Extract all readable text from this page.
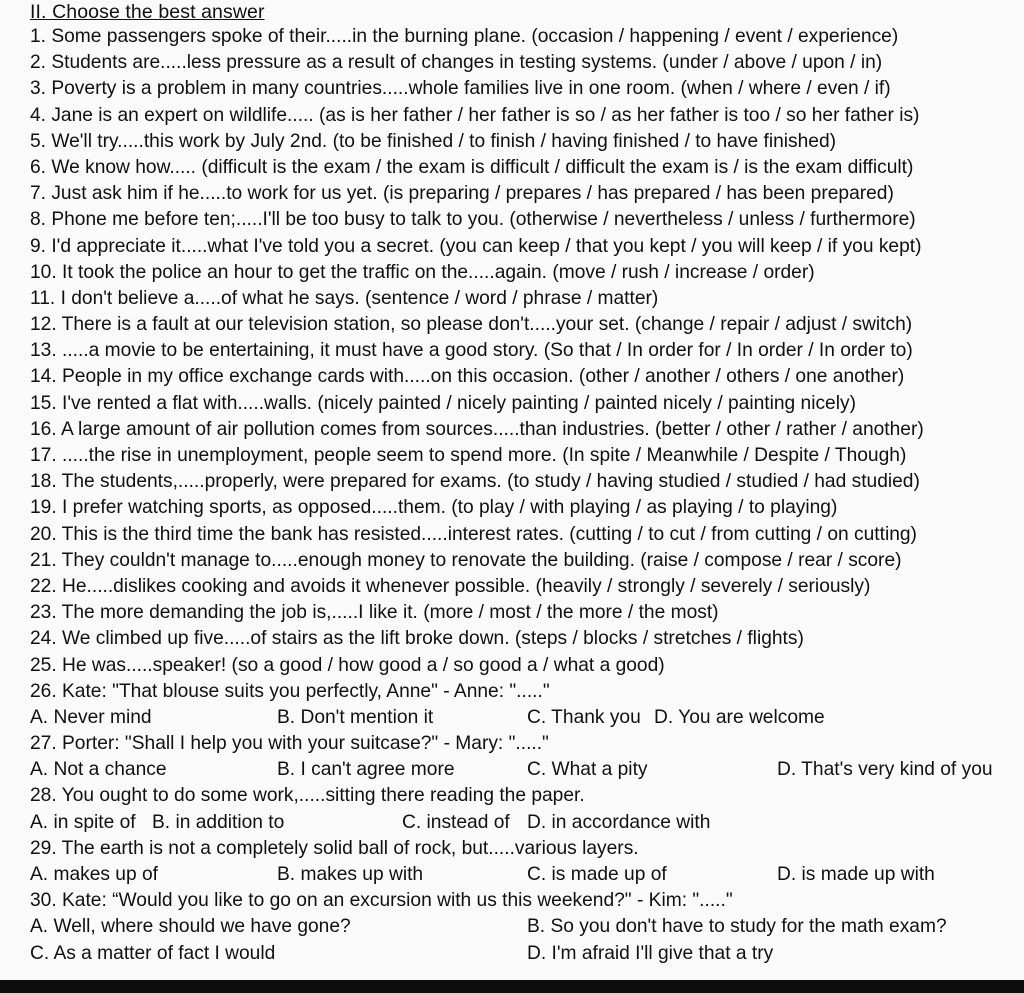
II. Choose the best answer
1. Some passengers spoke of their.....in the burning plane. (occasion / happening / event / experience)
2. Students are.....less pressure as a result of changes in testing systems. (under / above / upon / in)
3. Poverty is a problem in many countries.....whole families live in one room. (when / where / even / if)
4. Jane is an expert on wildlife..... (as is her father / her father is so / as her father is too / so her father is)
5. We'll try.....this work by July 2nd. (to be finished / to finish / having finished / to have finished)
6. We know how..... (difficult is the exam / the exam is difficult / difficult the exam is / is the exam difficult)
7. Just ask him if he.....to work for us yet. (is preparing / prepares / has prepared / has been prepared)
8. Phone me before ten;.....I'll be too busy to talk to you. (otherwise / nevertheless / unless / furthermore)
9. I'd appreciate it.....what I've told you a secret. (you can keep / that you kept / you will keep / if you kept)
10. It took the police an hour to get the traffic on the.....again. (move / rush / increase / order)
11. I don't believe a.....of what he says. (sentence / word / phrase / matter)
12. There is a fault at our television station, so please don't.....your set. (change / repair / adjust / switch)
13. .....a movie to be entertaining, it must have a good story. (So that / In order for / In order / In order to)
14. People in my office exchange cards with.....on this occasion. (other / another / others / one another)
15. I've rented a flat with.....walls. (nicely painted / nicely painting / painted nicely / painting nicely)
16. A large amount of air pollution comes from sources.....than industries. (better / other / rather / another)
17. .....the rise in unemployment, people seem to spend more. (In spite / Meanwhile / Despite / Though)
18. The students,.....properly, were prepared for exams. (to study / having studied / studied / had studied)
19. I prefer watching sports, as opposed.....them. (to play / with playing / as playing / to playing)
20. This is the third time the bank has resisted.....interest rates. (cutting / to cut / from cutting / on cutting)
21. They couldn't manage to.....enough money to renovate the building. (raise / compose / rear / score)
22. He.....dislikes cooking and avoids it whenever possible. (heavily / strongly / severely / seriously)
23. The more demanding the job is,.....I like it. (more / most / the more / the most)
24. We climbed up five.....of stairs as the lift broke down. (steps / blocks / stretches / flights)
25. He was.....speaker! (so a good / how good a / so good a / what a good)
26. Kate: "That blouse suits you perfectly, Anne" - Anne: "....."
A. Never mind	B. Don't mention it	C. Thank you D. You are welcome
27. Porter: "Shall I help you with your suitcase?" - Mary: "....."
A. Not a chance	B. I can't agree more	C. What a pity	D. That's very kind of you
28. You ought to do some work,.....sitting there reading the paper.
A. in spite of B. in addition to	C. instead of D. in accordance with
29. The earth is not a completely solid ball of rock, but.....various layers.
A. makes up of	B. makes up with	C. is made up of	D. is made up with
30. Kate: “Would you like to go on an excursion with us this weekend?" - Kim: "....."
A. Well, where should we have gone?	B. So you don't have to study for the math exam?
C. As a matter of fact I would	D. I'm afraid I'll give that a try
